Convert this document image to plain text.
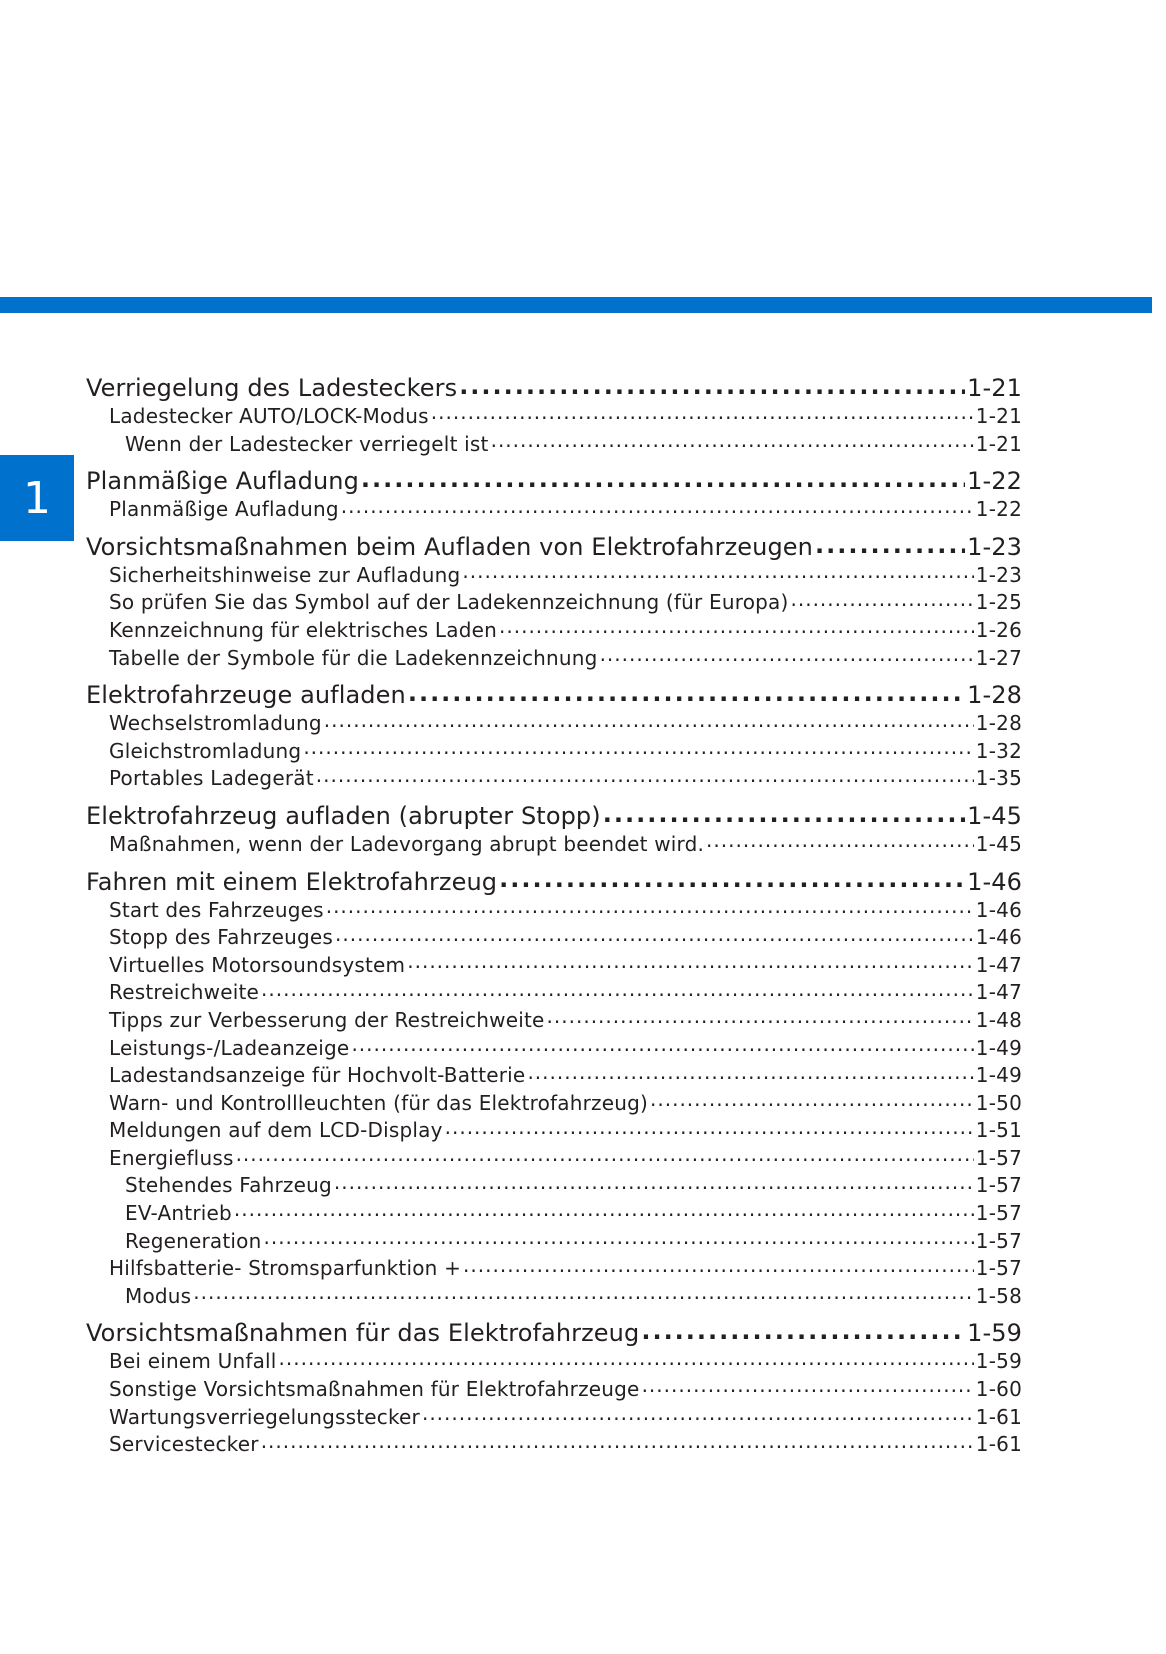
1
Verriegelung des Ladesteckers .....	1-21
Ladestecker AUTO/LOCK-Modus .....	1-21
Wenn der Ladestecker verriegelt ist .....	1-21
Planmäßige Aufladung .....	1-22
Planmäßige Aufladung .....	1-22
Vorsichtsmaßnahmen beim Aufladen von Elektrofahrzeugen .....	1-23
Sicherheitshinweise zur Aufladung .....	1-23
So prüfen Sie das Symbol auf der Ladekennzeichnung (für Europa) .....	1-25
Kennzeichnung für elektrisches Laden .....	1-26
Tabelle der Symbole für die Ladekennzeichnung .....	1-27
Elektrofahrzeuge aufladen .....	1-28
Wechselstromladung .....	1-28
Gleichstromladung .....	1-32
Portables Ladegerät .....	1-35
Elektrofahrzeug aufladen (abrupter Stopp) .....	1-45
Maßnahmen, wenn der Ladevorgang abrupt beendet wird. .....	1-45
Fahren mit einem Elektrofahrzeug .....	1-46
Start des Fahrzeuges .....	1-46
Stopp des Fahrzeuges .....	1-46
Virtuelles Motorsoundsystem .....	1-47
Restreichweite .....	1-47
Tipps zur Verbesserung der Restreichweite .....	1-48
Leistungs-/Ladeanzeige .....	1-49
Ladestandsanzeige für Hochvolt-Batterie .....	1-49
Warn- und Kontrollleuchten (für das Elektrofahrzeug) .....	1-50
Meldungen auf dem LCD-Display .....	1-51
Energiefluss .....	1-57
Stehendes Fahrzeug .....	1-57
EV-Antrieb .....	1-57
Regeneration .....	1-57
Hilfsbatterie- Stromsparfunktion + .....	1-57
Modus .....	1-58
Vorsichtsmaßnahmen für das Elektrofahrzeug .....	1-59
Bei einem Unfall .....	1-59
Sonstige Vorsichtsmaßnahmen für Elektrofahrzeuge .....	1-60
Wartungsverriegelungsstecker .....	1-61
Servicestecker .....	1-61
